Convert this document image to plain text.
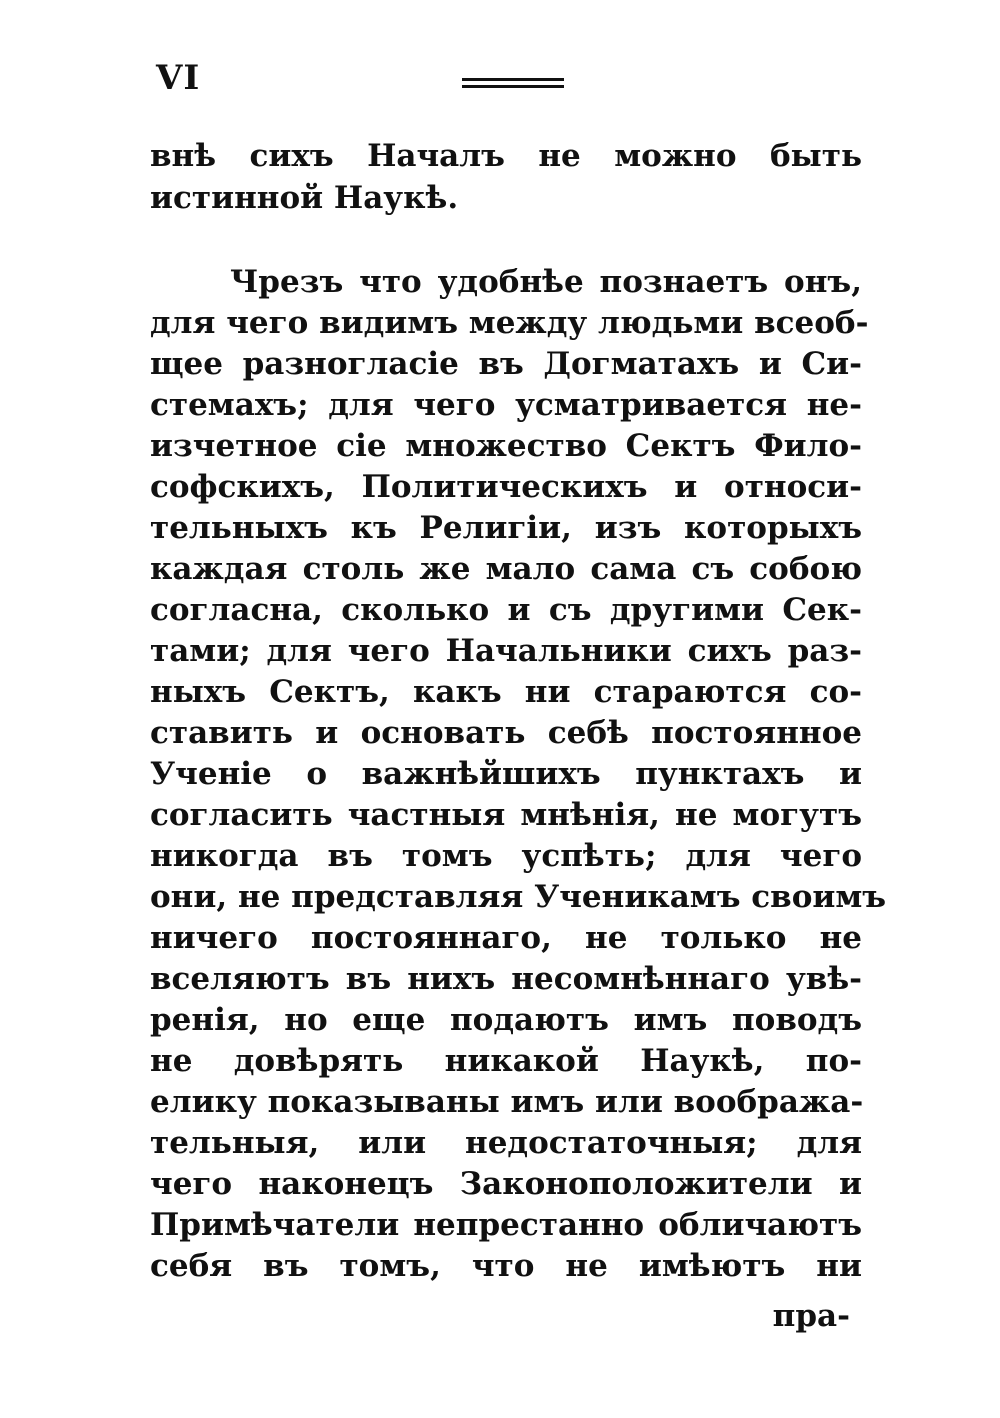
VI
внѣ сихъ Началъ не можно быть
истинной Наукѣ.
Чрезъ что удобнѣе познаетъ онъ,
для чего видимъ между людьми всеоб-
щее разногласіе въ Догматахъ и Си-
стемахъ; для чего усматривается не-
изчетное сіе множество Сектъ Фило-
софскихъ, Политическихъ и относи-
тельныхъ къ Религіи, изъ которыхъ
каждая столь же мало сама съ собою
согласна, сколько и съ другими Сек-
тами; для чего Начальники сихъ раз-
ныхъ Сектъ, какъ ни стараются со-
ставить и основать себѣ постоянное
Ученіе о важнѣйшихъ пунктахъ и
согласить частныя мнѣнія, не могутъ
никогда въ томъ успѣть; для чего
они, не представляя Ученикамъ своимъ
ничего постояннаго, не только не
вселяютъ въ нихъ несомнѣннаго увѣ-
ренія, но еще подаютъ имъ поводъ
не довѣрять никакой Наукѣ, по-
елику показываны имъ или вообража-
тельныя, или недостаточныя; для
чего наконецъ Законоположители и
Примѣчатели непрестанно обличаютъ
себя въ томъ, что не имѣютъ ни
пра-
